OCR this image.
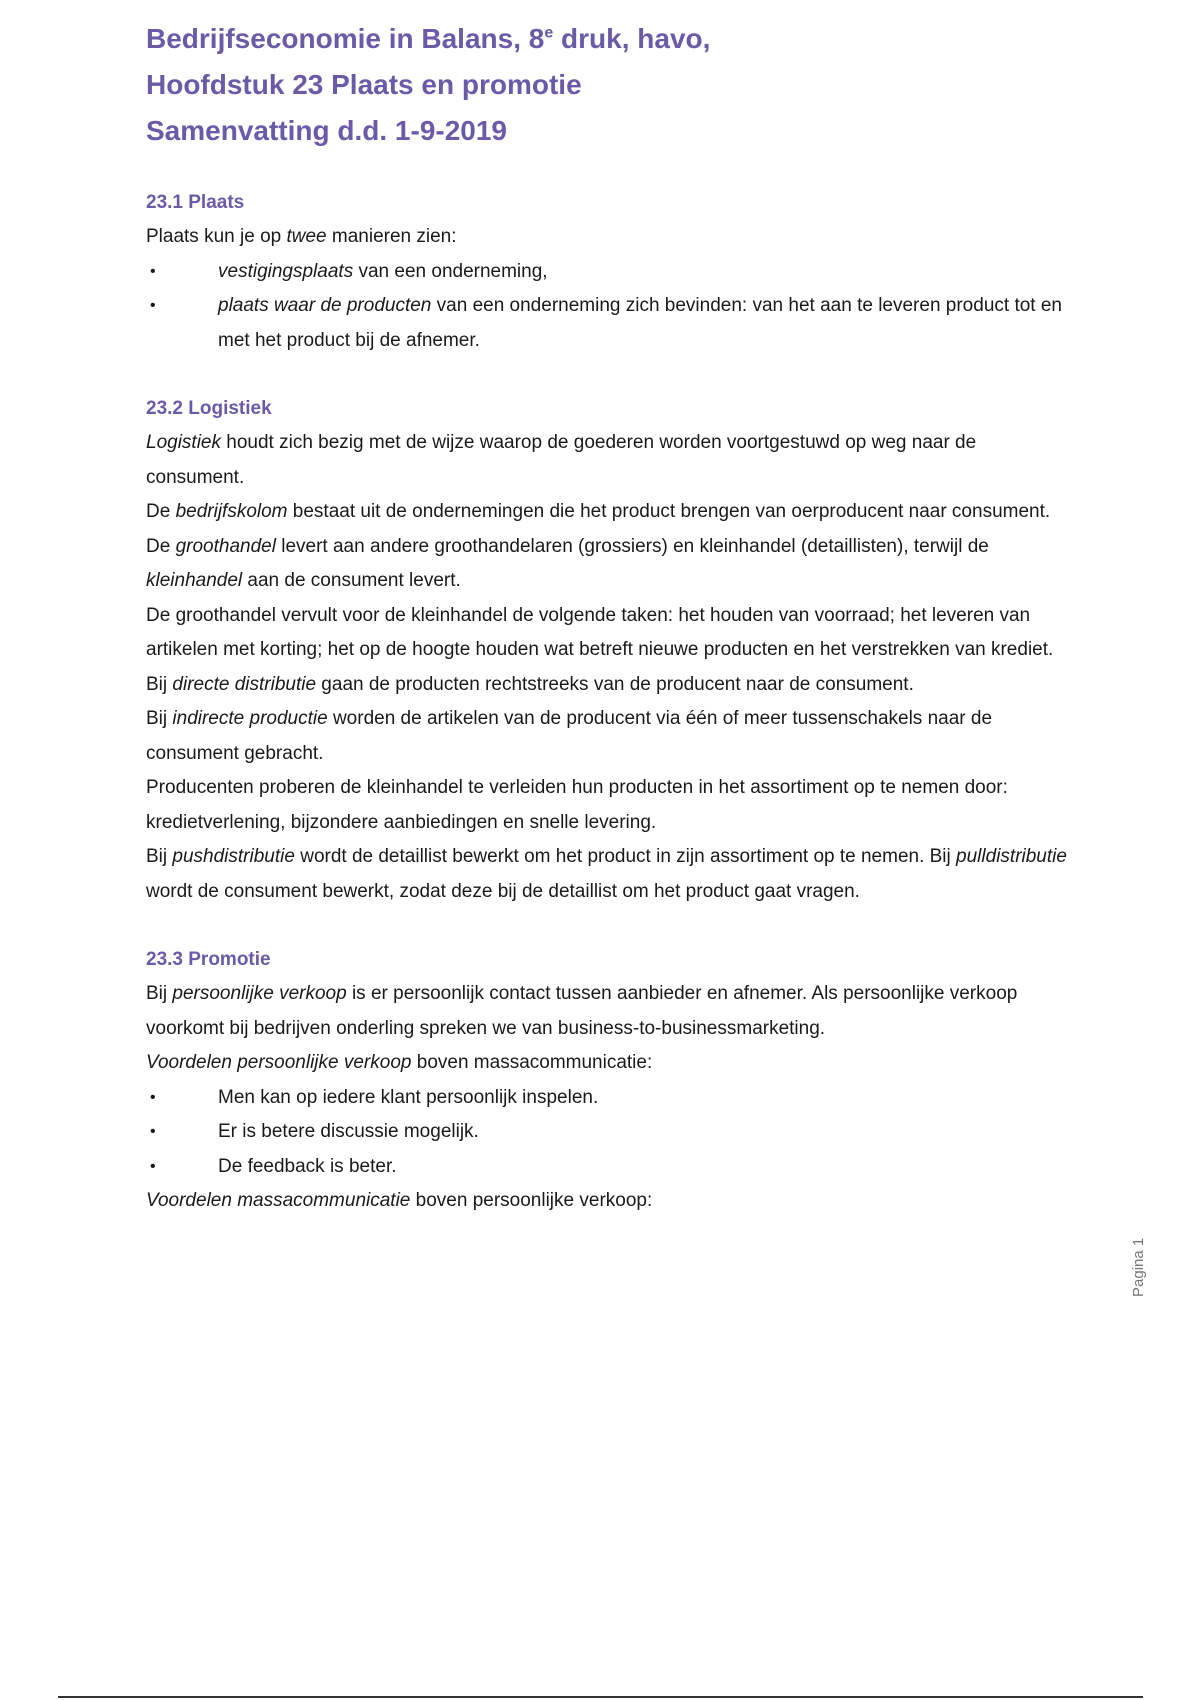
Bedrijfseconomie in Balans, 8e druk, havo,

Hoofdstuk 23 Plaats en promotie

Samenvatting d.d. 1-9-2019

23.1 Plaats

Plaats kun je op twee manieren zien:

•	vestigingsplaats van een onderneming,
•	plaats waar de producten van een onderneming zich bevinden: van het aan te leveren product tot en met het product bij de afnemer.

23.2 Logistiek

Logistiek houdt zich bezig met de wijze waarop de goederen worden voortgestuwd op weg naar de consument.

De bedrijfskolom bestaat uit de ondernemingen die het product brengen van oerproducent naar consument.

De groothandel levert aan andere groothandelaren (grossiers) en kleinhandel (detaillisten), terwijl de kleinhandel aan de consument levert.

De groothandel vervult voor de kleinhandel de volgende taken: het houden van voorraad; het leveren van artikelen met korting; het op de hoogte houden wat betreft nieuwe producten en het verstrekken van krediet.

Bij directe distributie gaan de producten rechtstreeks van de producent naar de consument.

Bij indirecte productie worden de artikelen van de producent via één of meer tussenschakels naar de consument gebracht.

Producenten proberen de kleinhandel te verleiden hun producten in het assortiment op te nemen door: kredietverlening, bijzondere aanbiedingen en snelle levering.

Bij pushdistributie wordt de detaillist bewerkt om het product in zijn assortiment op te nemen. Bij pulldistributie wordt de consument bewerkt, zodat deze bij de detaillist om het product gaat vragen.

23.3 Promotie

Bij persoonlijke verkoop is er persoonlijk contact tussen aanbieder en afnemer. Als persoonlijke verkoop voorkomt bij bedrijven onderling spreken we van business-to-businessmarketing.

Voordelen persoonlijke verkoop boven massacommunicatie:

•	Men kan op iedere klant persoonlijk inspelen.
•	Er is betere discussie mogelijk.
•	De feedback is beter.

Voordelen massacommunicatie boven persoonlijke verkoop:

Pagina 1
